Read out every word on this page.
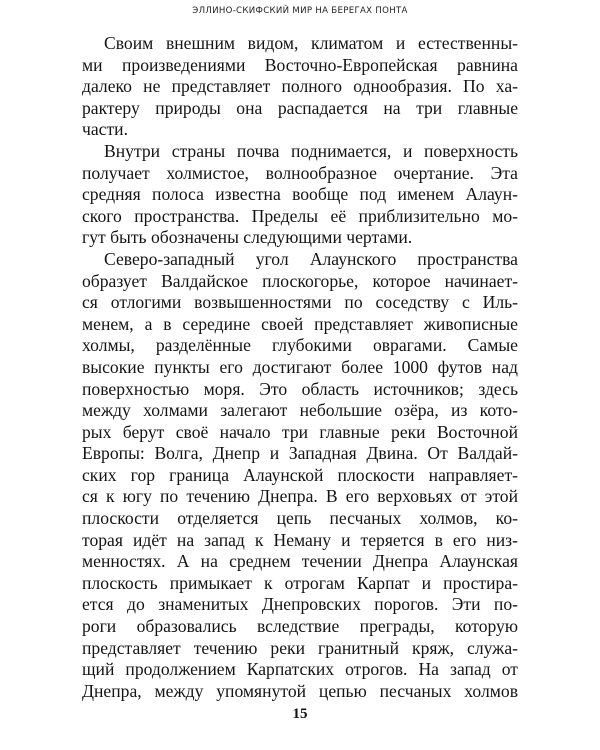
ЭЛЛИНО-СКИФСКИЙ МИР НА БЕРЕГАХ ПОНТА

Своим внешним видом, климатом и естественны-
ми произведениями Восточно-Европейская равнина
далеко не представляет полного однообразия. По ха-
рактеру природы она распадается на три главные
части.
Внутри страны почва поднимается, и поверхность
получает холмистое, волнообразное очертание. Эта
средняя полоса известна вообще под именем Алаун-
ского пространства. Пределы её приблизительно мо-
гут быть обозначены следующими чертами.
Северо-западный угол Алаунского пространства
образует Валдайское плоскогорье, которое начинает-
ся отлогими возвышенностями по соседству с Иль-
менем, а в середине своей представляет живописные
холмы, разделённые глубокими оврагами. Самые
высокие пункты его достигают более 1000 футов над
поверхностью моря. Это область источников; здесь
между холмами залегают небольшие озёра, из кото-
рых берут своё начало три главные реки Восточной
Европы: Волга, Днепр и Западная Двина. От Валдай-
ских гор граница Алаунской плоскости направляет-
ся к югу по течению Днепра. В его верховьях от этой
плоскости отделяется цепь песчаных холмов, ко-
торая идёт на запад к Неману и теряется в его низ-
менностях. А на среднем течении Днепра Алаунская
плоскость примыкает к отрогам Карпат и простира-
ется до знаменитых Днепровских порогов. Эти по-
роги образовались вследствие преграды, которую
представляет течению реки гранитный кряж, служа-
щий продолжением Карпатских отрогов. На запад от
Днепра, между упомянутой цепью песчаных холмов

15
